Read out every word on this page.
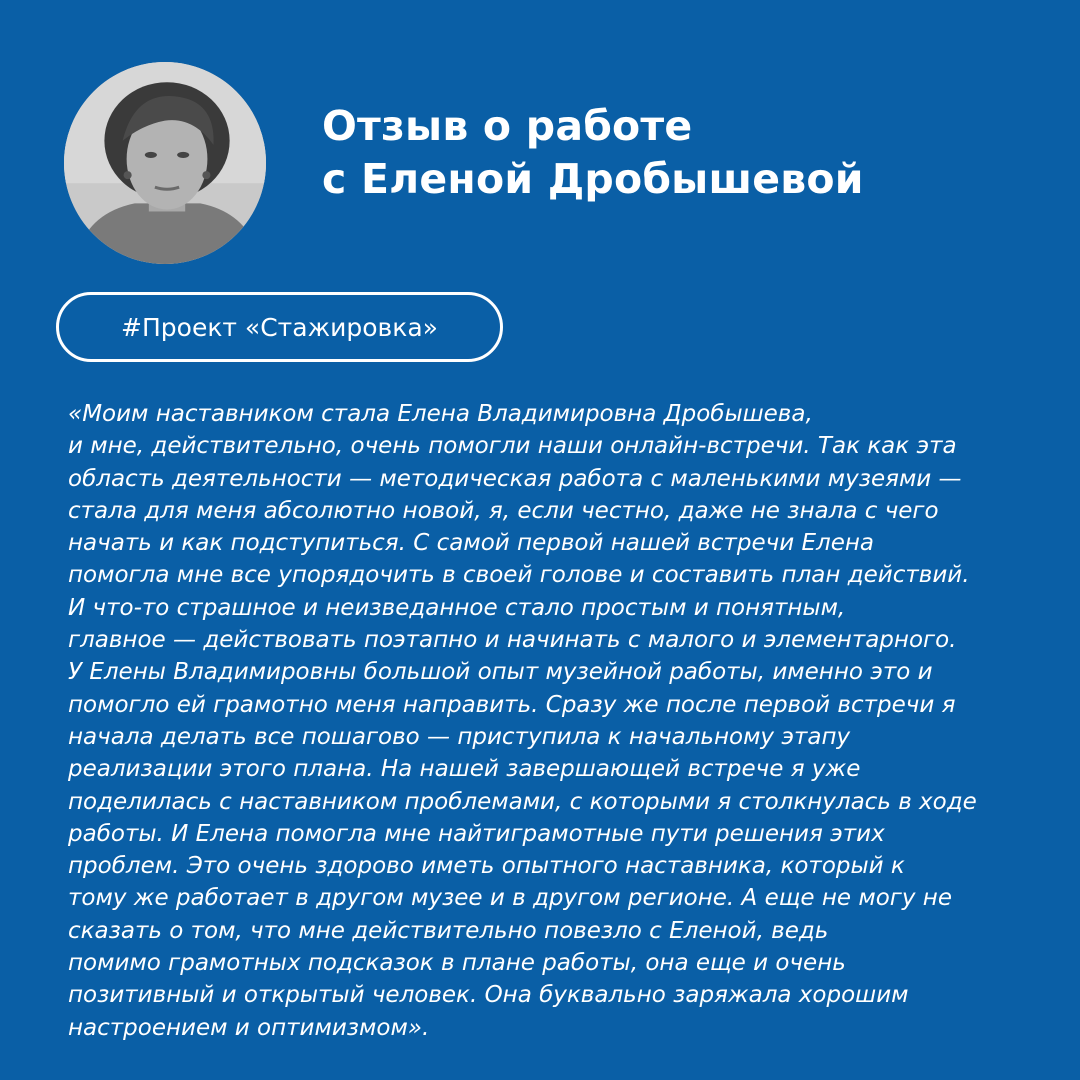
Отзыв о работе
с Еленой Дробышевой
#Проект «Стажировка»
«Моим наставником стала Елена Владимировна Дробышева,
и мне, действительно, очень помогли наши онлайн-встречи. Так как эта
область деятельности — методическая работа с маленькими музеями —
стала для меня абсолютно новой, я, если честно, даже не знала с чего
начать и как подступиться. С самой первой нашей встречи Елена
помогла мне все упорядочить в своей голове и составить план действий.
И что-то страшное и неизведанное стало простым и понятным,
главное — действовать поэтапно и начинать с малого и элементарного.
У Елены Владимировны большой опыт музейной работы, именно это и
помогло ей грамотно меня направить. Сразу же после первой встречи я
начала делать все пошагово — приступила к начальному этапу
реализации этого плана. На нашей завершающей встрече я уже
поделилась с наставником проблемами, с которыми я столкнулась в ходе
работы. И Елена помогла мне найтиграмотные пути решения этих
проблем. Это очень здорово иметь опытного наставника, который к
тому же работает в другом музее и в другом регионе. А еще не могу не
сказать о том, что мне действительно повезло с Еленой, ведь
помимо грамотных подсказок в плане работы, она еще и очень
позитивный и открытый человек. Она буквально заряжала хорошим
настроением и оптимизмом».
